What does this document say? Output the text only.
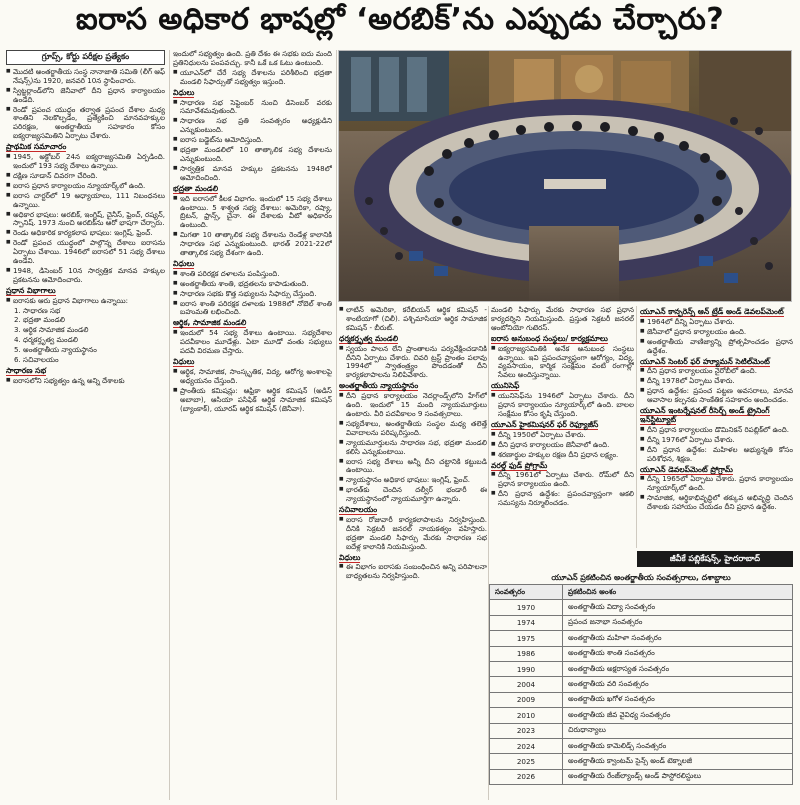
ఐరాస అధికార భాషల్లో ‘అరబిక్’ను ఎప్పుడు చేర్చారు?
గ్రూప్స్, కోర్టు పరీక్షల ప్రత్యేకం

■ మొదటి అంతర్జాతీయ సంస్థ నానాజాతి సమితి (లీగ్ ఆఫ్ నేషన్స్)ను 1920, జనవరి 10న స్థాపించారు.

■ స్విట్జర్లాండ్‌లోని జెనీవాలో దీని ప్రధాన కార్యాలయం ఉండేది.

■ రెండో ప్రపంచ యుద్ధం తర్వాత ప్రపంచ దేశాల మధ్య శాంతిని నెలకొల్పడం, ప్రత్యేకించి మానవహక్కుల పరిరక్షణ, అంతర్జాతీయ సహకారం కోసం ఐక్యరాజ్యసమితిని ఏర్పాటు చేశారు.

ప్రాథమిక సమాచారం

■ 1945, అక్టోబర్ 24న ఐక్యరాజ్యసమితి ఏర్పడింది. ఇందులో 193 సభ్య దేశాలు ఉన్నాయి.

■ దక్షిణ సూడాన్ చివరగా చేరింది.

■ ఐరాస ప్రధాన కార్యాలయం న్యూయార్క్‌లో ఉంది.

■ ఐరాస చార్టర్‌లో 19 అధ్యాయాలు, 111 నిబంధనలు ఉన్నాయి.

■ అధికార భాషలు: అరబిక్, ఇంగ్లిష్, చైనీస్, ఫ్రెంచ్, రష్యన్, స్పానిష్. 1973 నుంచి అరబిక్‌ను ఆరో భాషగా చేర్చారు.

■ రెండు అధికారిక కార్యకలాప భాషలు: ఇంగ్లిష్, ఫ్రెంచ్.

■ రెండో ప్రపంచ యుద్ధంలో పాల్గొన్న దేశాలు ఐరాసను ఏర్పాటు చేశాయి. 1946లో ఐరాసలో 51 సభ్య దేశాలు ఉండేవి.

■ 1948, డిసెంబర్ 10న సార్వత్రిక మానవ హక్కుల ప్రకటనను ఆమోదించారు.

ప్రధాన విభాగాలు

■ ఐరాసకు ఆరు ప్రధాన విభాగాలు ఉన్నాయి:

1. సాధారణ సభ

2. భద్రతా మండలి

3. ఆర్థిక సామాజిక మండలి

4. ధర్మకర్తృత్వ మండలి

5. అంతర్జాతీయ న్యాయస్థానం

6. సచివాలయం

సాధారణ సభ

■ ఐరాసలోని సభ్యత్వం ఉన్న అన్ని దేశాలకు

ఇందులో సభ్యత్వం ఉంది. ప్రతి దేశం ఈ సభకు ఐదు మంది ప్రతినిధులను పంపవచ్చు. కానీ ఒకే ఒక ఓటు ఉంటుంది.

■ యూఎన్‌లో చేరే సభ్య దేశాలను పరిశీలించి భద్రతా మండలి సిఫార్సుతో సభ్యత్వం ఇస్తుంది.

విధులు

■ సాధారణ సభ సెప్టెంబర్ నుంచి డిసెంబర్ వరకు సమావేశమవుతుంది.

■ సాధారణ సభ ప్రతి సంవత్సరం అధ్యక్షుడిని ఎన్నుకుంటుంది.

■ ఐరాస బడ్జెట్‌ను ఆమోదిస్తుంది.

■ భద్రతా మండలిలో 10 తాత్కాలిక సభ్య దేశాలను ఎన్నుకుంటుంది.

■ సార్వత్రిక మానవ హక్కుల ప్రకటనను 1948లో ఆమోదించింది.

భద్రతా మండలి

■ ఇది ఐరాసలో కీలక విభాగం. ఇందులో 15 సభ్య దేశాలు ఉంటాయి. 5 శాశ్వత సభ్య దేశాలు: అమెరికా, రష్యా, బ్రిటన్, ఫ్రాన్స్, చైనా. ఈ దేశాలకు వీటో అధికారం ఉంటుంది.

■ మిగతా 10 తాత్కాలిక సభ్య దేశాలను రెండేళ్ల కాలానికి సాధారణ సభ ఎన్నుకుంటుంది. భారత్ 2021-22లో తాత్కాలిక సభ్య దేశంగా ఉంది.

విధులు

■ శాంతి పరిరక్షక దళాలను పంపిస్తుంది.

■ అంతర్జాతీయ శాంతి, భద్రతలను కాపాడుతుంది.

■ సాధారణ సభకు కొత్త సభ్యులను సిఫార్సు చేస్తుంది.

■ ఐరాస శాంతి పరిరక్షక దళాలకు 1988లో నోబెల్ శాంతి బహుమతి లభించింది.

ఆర్థిక, సామాజిక మండలి

■ ఇందులో 54 సభ్య దేశాలు ఉంటాయి. సభ్యదేశాల పదవీకాలం మూడేళ్లు. ఏటా మూడో వంతు సభ్యులు పదవీ విరమణ చేస్తారు.

విధులు

■ ఆర్థిక, సామాజిక, సాంస్కృతిక, విద్య, ఆరోగ్య అంశాలపై అధ్యయనం చేస్తుంది.

■ ప్రాంతీయ కమిషన్లు: ఆఫ్రికా ఆర్థిక కమిషన్ (అడిస్ అబాబా), ఆసియా పసిఫిక్ ఆర్థిక సామాజిక కమిషన్ (బ్యాంకాక్), యూరప్ ఆర్థిక కమిషన్ (జెనీవా).

■ లాటిన్ అమెరికా, కరేబియన్ ఆర్థిక కమిషన్ - శాంటియాగో (చిలీ). పశ్చిమాసియా ఆర్థిక సామాజిక కమిషన్ - బీరుట్.

ధర్మకర్తృత్వ మండలి

■ స్వయం పాలన లేని ప్రాంతాలను పర్యవేక్షించడానికి దీనిని ఏర్పాటు చేశారు. చివరి ట్రస్ట్ ప్రాంతం పలావు 1994లో స్వాతంత్ర్యం పొందడంతో దీని కార్యకలాపాలను నిలిపివేశారు.

అంతర్జాతీయ న్యాయస్థానం

■ దీని ప్రధాన కార్యాలయం నెదర్లాండ్స్‌లోని హేగ్‌లో ఉంది. ఇందులో 15 మంది న్యాయమూర్తులు ఉంటారు. వీరి పదవీకాలం 9 సంవత్సరాలు.

■ సభ్యదేశాలు, అంతర్జాతీయ సంస్థల మధ్య తలెత్తే వివాదాలను పరిష్కరిస్తుంది.

■ న్యాయమూర్తులను సాధారణ సభ, భద్రతా మండలి కలిసి ఎన్నుకుంటాయి.

■ ఐరాస సభ్య దేశాలు అన్నీ దీని చట్టానికి కట్టుబడి ఉంటాయి.

■ న్యాయస్థానం అధికార భాషలు: ఇంగ్లిష్, ఫ్రెంచ్.

■ భారత్‌కు చెందిన దల్వీర్ భండారీ ఈ న్యాయస్థానంలో న్యాయమూర్తిగా ఉన్నారు.

సచివాలయం

■ ఐరాస రోజువారీ కార్యకలాపాలను నిర్వహిస్తుంది. దీనికి సెక్రటరీ జనరల్ నాయకత్వం వహిస్తారు. భద్రతా మండలి సిఫార్సు మేరకు సాధారణ సభ ఐదేళ్ల కాలానికి నియమిస్తుంది.

విధులు

■ ఈ విభాగం ఐరాసకు సంబంధించిన అన్ని పరిపాలనా బాధ్యతలను నిర్వహిస్తుంది.

మండలి సిఫార్సు మేరకు సాధారణ సభ ప్రధాన కార్యదర్శిని నియమిస్తుంది. ప్రస్తుత సెక్రటరీ జనరల్ ఆంటోనియో గుటెరస్.

ఐరాస అనుబంధ సంస్థలు/ కార్యక్రమాలు

■ ఐక్యరాజ్యసమితికి అనేక అనుబంధ సంస్థలు ఉన్నాయి. ఇవి ప్రపంచవ్యాప్తంగా ఆరోగ్యం, విద్య, వ్యవసాయం, కార్మిక సంక్షేమం వంటి రంగాల్లో సేవలు అందిస్తున్నాయి.

యునిసెఫ్

■ యునిసెఫ్‌ను 1946లో ఏర్పాటు చేశారు. దీని ప్రధాన కార్యాలయం న్యూయార్క్‌లో ఉంది. బాలల సంక్షేమం కోసం కృషి చేస్తుంది.

యూఎన్ హైకమిషనర్ ఫర్ రెఫ్యూజీస్

■ దీన్ని 1950లో ఏర్పాటు చేశారు.

■ దీని ప్రధాన కార్యాలయం జెనీవాలో ఉంది.

■ శరణార్థుల హక్కుల రక్షణ దీని ప్రధాన లక్ష్యం.

వరల్డ్ ఫుడ్ ప్రోగ్రామ్

■ దీన్ని 1961లో ఏర్పాటు చేశారు. రోమ్‌లో దీని ప్రధాన కార్యాలయం ఉంది.

■ దీని ప్రధాన ఉద్దేశం: ప్రపంచవ్యాప్తంగా ఆకలి సమస్యను నిర్మూలించడం.

యూఎన్ కాన్ఫరెన్స్ ఆన్ ట్రేడ్ అండ్ డెవలప్‌మెంట్

■ 1964లో దీన్ని ఏర్పాటు చేశారు.

■ జెనీవాలో ప్రధాన కార్యాలయం ఉంది.

■ అంతర్జాతీయ వాణిజ్యాన్ని ప్రోత్సహించడం ప్రధాన ఉద్దేశం.

యూఎన్ సెంటర్ ఫర్ హ్యూమన్ సెటిల్‌మెంట్

■ దీని ప్రధాన కార్యాలయం నైరోబీలో ఉంది.

■ దీన్ని 1978లో ఏర్పాటు చేశారు.

■ ప్రధాన ఉద్దేశం: ప్రపంచ పట్టణ అవసరాలు, మానవ ఆవాసాల కల్పనకు సాంకేతిక సహకారం అందించడం.

యూఎన్ ఇంటర్నేషనల్ రీసెర్చ్ అండ్ ట్రైనింగ్ ఇన్‌స్టిట్యూట్

■ దీని ప్రధాన కార్యాలయం డొమినికన్ రిపబ్లిక్‌లో ఉంది.

■ దీన్ని 1976లో ఏర్పాటు చేశారు.

■ దీని ప్రధాన ఉద్దేశం: మహిళల అభ్యున్నతి కోసం పరిశోధన, శిక్షణ.

యూఎన్ డెవలప్‌మెంట్ ప్రోగ్రామ్

■ దీన్ని 1965లో ఏర్పాటు చేశారు. ప్రధాన కార్యాలయం న్యూయార్క్‌లో ఉంది.

■ సామాజిక, ఆర్థికాభివృద్ధిలో తక్కువ అభివృద్ధి చెందిన దేశాలకు సహాయం చేయడం దీని ప్రధాన ఉద్దేశం.

జీవీకే పబ్లికేషన్స్, హైదరాబాద్
యూఎన్ ప్రకటించిన అంతర్జాతీయ సంవత్సరాలు, దశాబ్దాలు
సంవత్సరం	ప్రకటించిన అంశం
1970	అంతర్జాతీయ విద్యా సంవత్సరం
1974	ప్రపంచ జనాభా సంవత్సరం
1975	అంతర్జాతీయ మహిళా సంవత్సరం
1986	అంతర్జాతీయ శాంతి సంవత్సరం
1990	అంతర్జాతీయ అక్షరాస్యత సంవత్సరం
2004	అంతర్జాతీయ వరి సంవత్సరం
2009	అంతర్జాతీయ ఖగోళ సంవత్సరం
2010	అంతర్జాతీయ జీవ వైవిధ్య సంవత్సరం
2023	చిరుధాన్యాలు
2024	అంతర్జాతీయ కామెలిడ్స్ సంవత్సరం
2025	అంతర్జాతీయ క్వాంటమ్ సైన్స్ అండ్ టెక్నాలజీ
2026	అంతర్జాతీయ రేంజ్‌ల్యాండ్స్ అండ్ పాస్టోరలిస్టులు
